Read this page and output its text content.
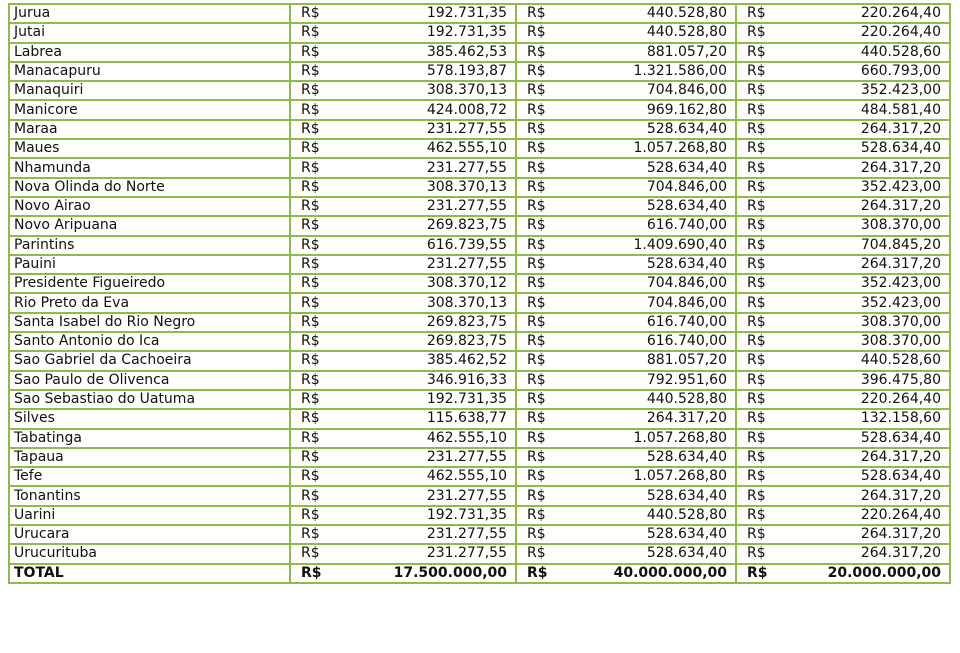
Jurua	R$	192.731,35	R$	440.528,80	R$	220.264,40
Jutai	R$	192.731,35	R$	440.528,80	R$	220.264,40
Labrea	R$	385.462,53	R$	881.057,20	R$	440.528,60
Manacapuru	R$	578.193,87	R$	1.321.586,00	R$	660.793,00
Manaquiri	R$	308.370,13	R$	704.846,00	R$	352.423,00
Manicore	R$	424.008,72	R$	969.162,80	R$	484.581,40
Maraa	R$	231.277,55	R$	528.634,40	R$	264.317,20
Maues	R$	462.555,10	R$	1.057.268,80	R$	528.634,40
Nhamunda	R$	231.277,55	R$	528.634,40	R$	264.317,20
Nova Olinda do Norte	R$	308.370,13	R$	704.846,00	R$	352.423,00
Novo Airao	R$	231.277,55	R$	528.634,40	R$	264.317,20
Novo Aripuana	R$	269.823,75	R$	616.740,00	R$	308.370,00
Parintins	R$	616.739,55	R$	1.409.690,40	R$	704.845,20
Pauini	R$	231.277,55	R$	528.634,40	R$	264.317,20
Presidente Figueiredo	R$	308.370,12	R$	704.846,00	R$	352.423,00
Rio Preto da Eva	R$	308.370,13	R$	704.846,00	R$	352.423,00
Santa Isabel do Rio Negro	R$	269.823,75	R$	616.740,00	R$	308.370,00
Santo Antonio do Ica	R$	269.823,75	R$	616.740,00	R$	308.370,00
Sao Gabriel da Cachoeira	R$	385.462,52	R$	881.057,20	R$	440.528,60
Sao Paulo de Olivenca	R$	346.916,33	R$	792.951,60	R$	396.475,80
Sao Sebastiao do Uatuma	R$	192.731,35	R$	440.528,80	R$	220.264,40
Silves	R$	115.638,77	R$	264.317,20	R$	132.158,60
Tabatinga	R$	462.555,10	R$	1.057.268,80	R$	528.634,40
Tapaua	R$	231.277,55	R$	528.634,40	R$	264.317,20
Tefe	R$	462.555,10	R$	1.057.268,80	R$	528.634,40
Tonantins	R$	231.277,55	R$	528.634,40	R$	264.317,20
Uarini	R$	192.731,35	R$	440.528,80	R$	220.264,40
Urucara	R$	231.277,55	R$	528.634,40	R$	264.317,20
Urucurituba	R$	231.277,55	R$	528.634,40	R$	264.317,20
TOTAL	R$	17.500.000,00	R$	40.000.000,00	R$	20.000.000,00
